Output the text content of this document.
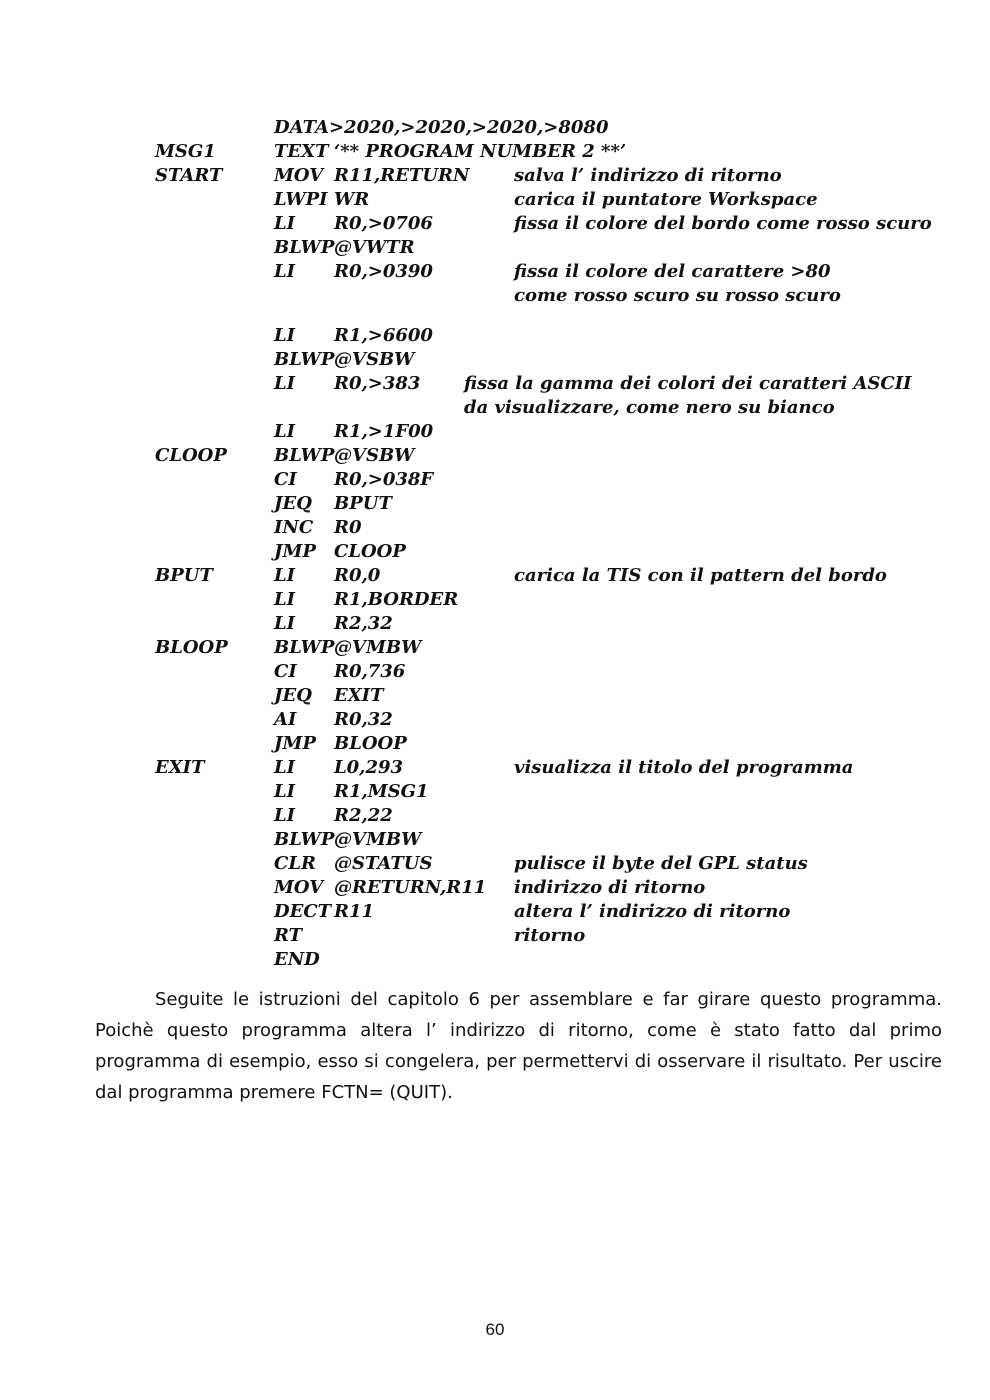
DATA>2020,>2020,>2020,>8080
MSG1	TEXT ‘** PROGRAM NUMBER 2 **’
START	MOV R11,RETURN salva l’ indirizzo di ritorno
LWPI WR	carica il puntatore Workspace
LI R0,>0706	fissa il colore del bordo come rosso scuro
BLWP @VWTR
LI R0,>0390	fissa il colore del carattere >80
come rosso scuro su rosso scuro
LI R1,>6600
BLWP @VSBW
LI R0,>383 fissa la gamma dei colori dei caratteri ASCII
da visualizzare, come nero su bianco
LI R1,>1F00
CLOOP	BLWP @VSBW
CI R0,>038F
JEQ BPUT
INC R0
JMP CLOOP
BPUT	LI R0,0	carica la TIS con il pattern del bordo
LI R1,BORDER
LI R2,32
BLOOP	BLWP @VMBW
CI R0,736
JEQ EXIT
AI R0,32
JMP BLOOP
EXIT	LI L0,293	visualizza il titolo del programma
LI R1,MSG1
LI R2,22
BLWP @VMBW
CLR @STATUS	pulisce il byte del GPL status
MOV @RETURN,R11 indirizzo di ritorno
DECT R11	altera l’ indirizzo di ritorno
RT	ritorno
END

Seguite le istruzioni del capitolo 6 per assemblare e far girare questo programma. Poichè questo programma altera l’ indirizzo di ritorno, come è stato fatto dal primo programma di esempio, esso si congelera, per permettervi di osservare il risultato. Per uscire dal programma premere FCTN= (QUIT).

60
